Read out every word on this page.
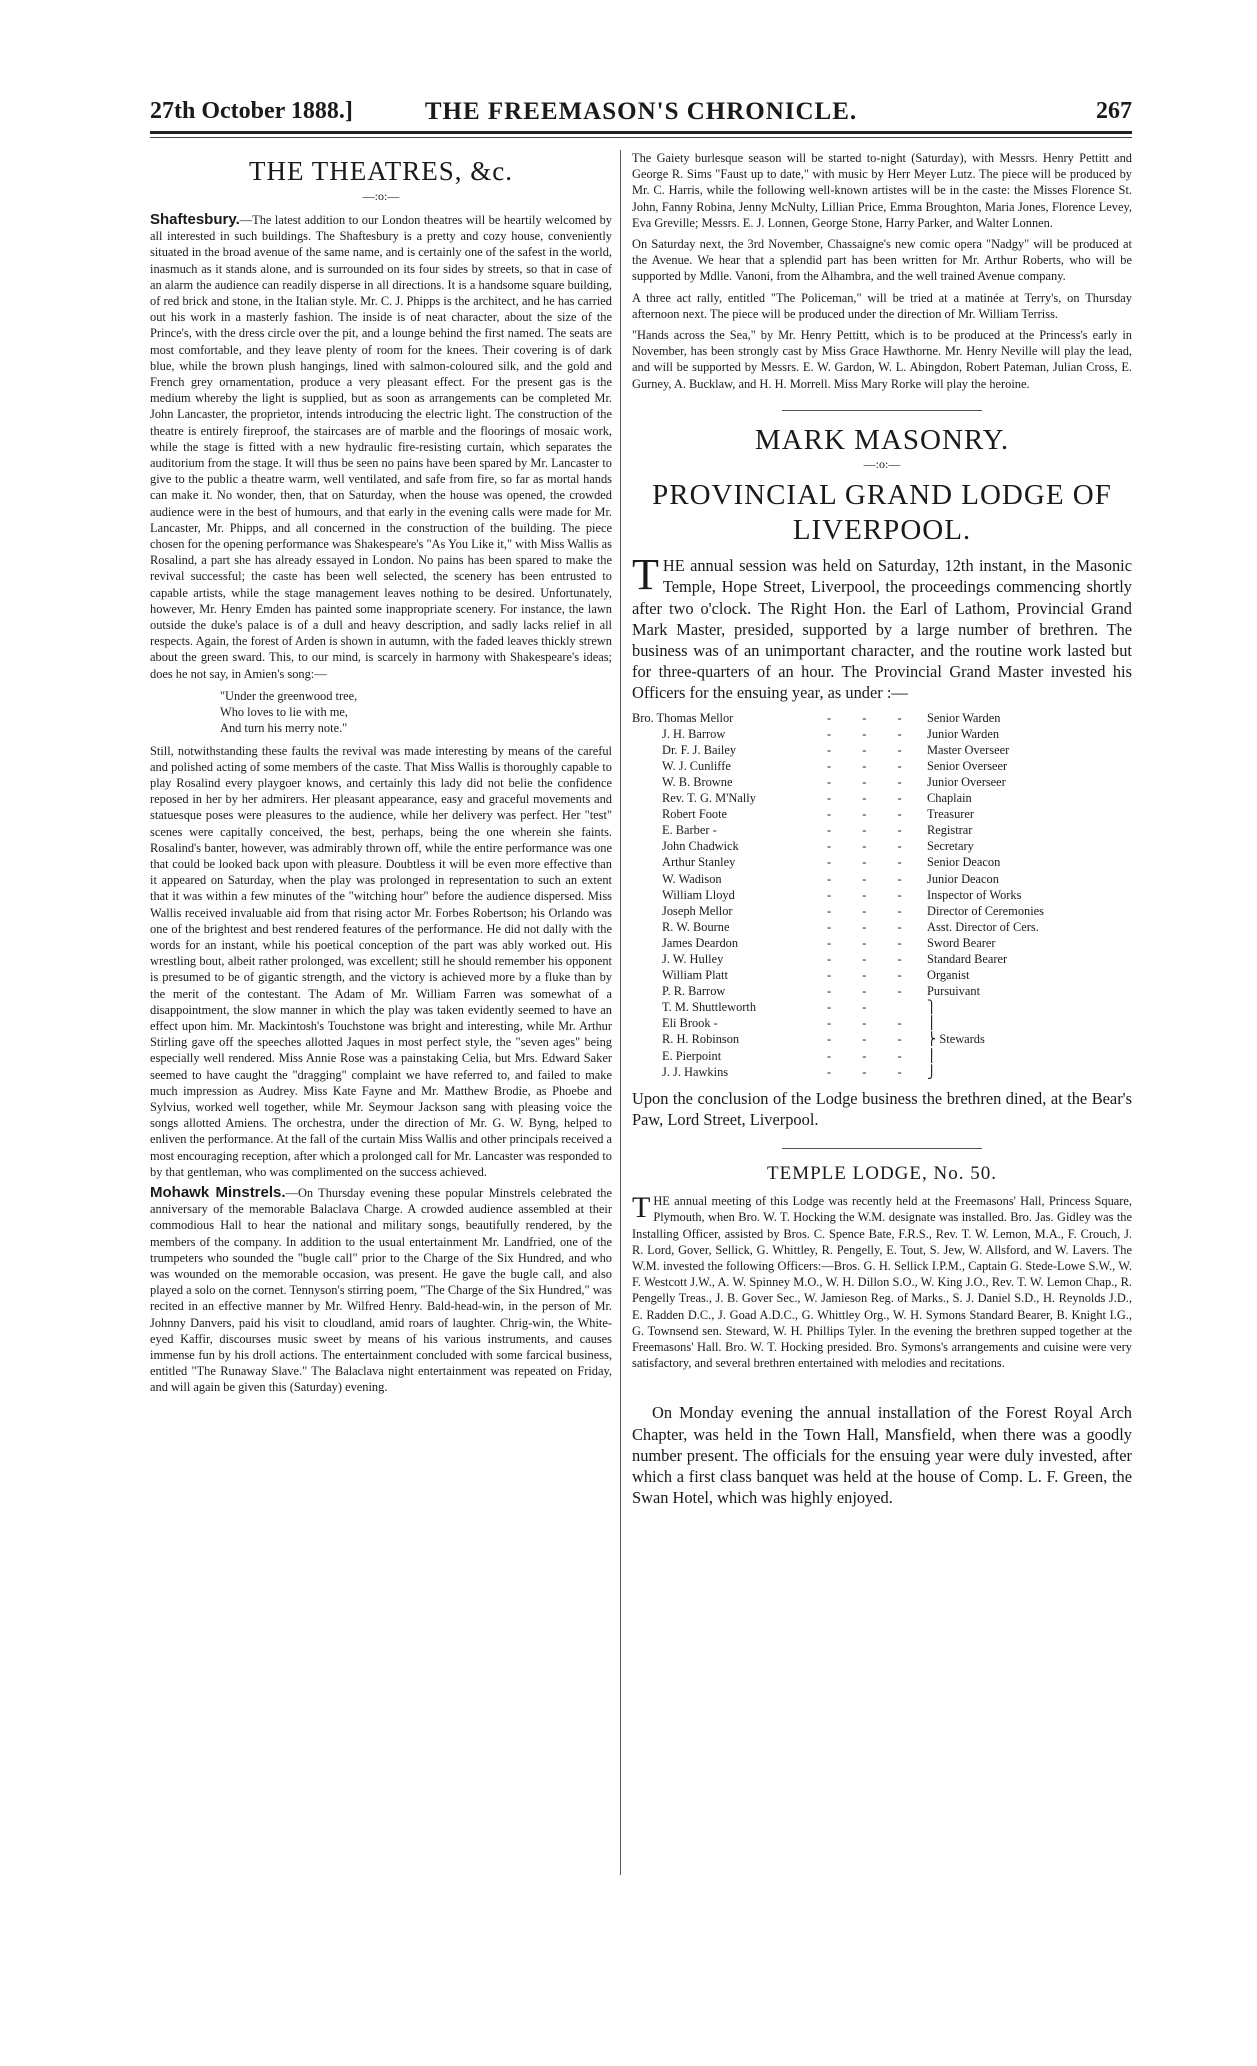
27th October 1888.]	THE FREEMASON'S CHRONICLE.	267
THE THEATRES, &c.
—:o:—

Shaftesbury.—The latest addition to our London theatres will be heartily welcomed by all interested in such buildings. The Shaftesbury is a pretty and cozy house, conveniently situated in the broad avenue of the same name, and is certainly one of the safest in the world, inasmuch as it stands alone, and is surrounded on its four sides by streets, so that in case of an alarm the audience can readily disperse in all directions. It is a handsome square building, of red brick and stone, in the Italian style. Mr. C. J. Phipps is the architect, and he has carried out his work in a masterly fashion. The inside is of neat character, about the size of the Prince's, with the dress circle over the pit, and a lounge behind the first named. The seats are most comfortable, and they leave plenty of room for the knees. Their covering is of dark blue, while the brown plush hangings, lined with salmon-coloured silk, and the gold and French grey ornamentation, produce a very pleasant effect. For the present gas is the medium whereby the light is supplied, but as soon as arrangements can be completed Mr. John Lancaster, the proprietor, intends introducing the electric light. The construction of the theatre is entirely fireproof, the staircases are of marble and the floorings of mosaic work, while the stage is fitted with a new hydraulic fire-resisting curtain, which separates the auditorium from the stage. It will thus be seen no pains have been spared by Mr. Lancaster to give to the public a theatre warm, well ventilated, and safe from fire, so far as mortal hands can make it. No wonder, then, that on Saturday, when the house was opened, the crowded audience were in the best of humours, and that early in the evening calls were made for Mr. Lancaster, Mr. Phipps, and all concerned in the construction of the building. The piece chosen for the opening performance was Shakespeare's "As You Like it," with Miss Wallis as Rosalind, a part she has already essayed in London. No pains has been spared to make the revival successful; the caste has been well selected, the scenery has been entrusted to capable artists, while the stage management leaves nothing to be desired. Unfortunately, however, Mr. Henry Emden has painted some inappropriate scenery. For instance, the lawn outside the duke's palace is of a dull and heavy description, and sadly lacks relief in all respects. Again, the forest of Arden is shown in autumn, with the faded leaves thickly strewn about the green sward. This, to our mind, is scarcely in harmony with Shakespeare's ideas; does he not say, in Amien's song:—

"Under the greenwood tree,
Who loves to lie with me,
And turn his merry note."

Still, notwithstanding these faults the revival was made interesting by means of the careful and polished acting of some members of the caste. That Miss Wallis is thoroughly capable to play Rosalind every playgoer knows, and certainly this lady did not belie the confidence reposed in her by her admirers. Her pleasant appearance, easy and graceful movements and statuesque poses were pleasures to the audience, while her delivery was perfect. Her "test" scenes were capitally conceived, the best, perhaps, being the one wherein she faints. Rosalind's banter, however, was admirably thrown off, while the entire performance was one that could be looked back upon with pleasure. Doubtless it will be even more effective than it appeared on Saturday, when the play was prolonged in representation to such an extent that it was within a few minutes of the "witching hour" before the audience dispersed. Miss Wallis received invaluable aid from that rising actor Mr. Forbes Robertson; his Orlando was one of the brightest and best rendered features of the performance. He did not dally with the words for an instant, while his poetical conception of the part was ably worked out. His wrestling bout, albeit rather prolonged, was excellent; still he should remember his opponent is presumed to be of gigantic strength, and the victory is achieved more by a fluke than by the merit of the contestant. The Adam of Mr. William Farren was somewhat of a disappointment, the slow manner in which the play was taken evidently seemed to have an effect upon him. Mr. Mackintosh's Touchstone was bright and interesting, while Mr. Arthur Stirling gave off the speeches allotted Jaques in most perfect style, the "seven ages" being especially well rendered. Miss Annie Rose was a painstaking Celia, but Mrs. Edward Saker seemed to have caught the "dragging" complaint we have referred to, and failed to make much impression as Audrey. Miss Kate Fayne and Mr. Matthew Brodie, as Phoebe and Sylvius, worked well together, while Mr. Seymour Jackson sang with pleasing voice the songs allotted Amiens. The orchestra, under the direction of Mr. G. W. Byng, helped to enliven the performance. At the fall of the curtain Miss Wallis and other principals received a most encouraging reception, after which a prolonged call for Mr. Lancaster was responded to by that gentleman, who was complimented on the success achieved.

Mohawk Minstrels.—On Thursday evening these popular Minstrels celebrated the anniversary of the memorable Balaclava Charge. A crowded audience assembled at their commodious Hall to hear the national and military songs, beautifully rendered, by the members of the company. In addition to the usual entertainment Mr. Landfried, one of the trumpeters who sounded the "bugle call" prior to the Charge of the Six Hundred, and who was wounded on the memorable occasion, was present. He gave the bugle call, and also played a solo on the cornet. Tennyson's stirring poem, "The Charge of the Six Hundred," was recited in an effective manner by Mr. Wilfred Henry. Bald-head-win, in the person of Mr. Johnny Danvers, paid his visit to cloudland, amid roars of laughter. Chrig-win, the White-eyed Kaffir, discourses music sweet by means of his various instruments, and causes immense fun by his droll actions. The entertainment concluded with some farcical business, entitled "The Runaway Slave." The Balaclava night entertainment was repeated on Friday, and will again be given this (Saturday) evening.

The Gaiety burlesque season will be started to-night (Saturday), with Messrs. Henry Pettitt and George R. Sims "Faust up to date," with music by Herr Meyer Lutz. The piece will be produced by Mr. C. Harris, while the following well-known artistes will be in the caste: the Misses Florence St. John, Fanny Robina, Jenny McNulty, Lillian Price, Emma Broughton, Maria Jones, Florence Levey, Eva Greville; Messrs. E. J. Lonnen, George Stone, Harry Parker, and Walter Lonnen.

On Saturday next, the 3rd November, Chassaigne's new comic opera "Nadgy" will be produced at the Avenue. We hear that a splendid part has been written for Mr. Arthur Roberts, who will be supported by Mdlle. Vanoni, from the Alhambra, and the well trained Avenue company.

A three act rally, entitled "The Policeman," will be tried at a matinée at Terry's, on Thursday afternoon next. The piece will be produced under the direction of Mr. William Terriss.

"Hands across the Sea," by Mr. Henry Pettitt, which is to be produced at the Princess's early in November, has been strongly cast by Miss Grace Hawthorne. Mr. Henry Neville will play the lead, and will be supported by Messrs. E. W. Gardon, W. L. Abingdon, Robert Pateman, Julian Cross, E. Gurney, A. Bucklaw, and H. H. Morrell. Miss Mary Rorke will play the heroine.

MARK MASONRY.
—:o:—
PROVINCIAL GRAND LODGE OF
LIVERPOOL.

THE annual session was held on Saturday, 12th instant, in the Masonic Temple, Hope Street, Liverpool, the proceedings commencing shortly after two o'clock. The Right Hon. the Earl of Lathom, Provincial Grand Mark Master, presided, supported by a large number of brethren. The business was of an unimportant character, and the routine work lasted but for three-quarters of an hour. The Provincial Grand Master invested his Officers for the ensuing year, as under :—

Bro. Thomas Mellor	- - - Senior Warden
J. H. Barrow	- - - Junior Warden
Dr. F. J. Bailey	- - - Master Overseer
W. J. Cunliffe	- - - Senior Overseer
W. B. Browne	- - - Junior Overseer
Rev. T. G. M'Nally	- - - Chaplain
Robert Foote	- - - Treasurer
E. Barber -	- - - Registrar
John Chadwick	- - - Secretary
Arthur Stanley	- - - Senior Deacon
W. Wadison	- - - Junior Deacon
William Lloyd	- - - Inspector of Works
Joseph Mellor	- - - Director of Ceremonies
R. W. Bourne	- - - Asst. Director of Cers.
James Deardon	- - - Sword Bearer
J. W. Hulley	- - - Standard Bearer
William Platt	- - - Organist
P. R. Barrow	- - - Pursuivant
T. M. Shuttleworth	- -	⎫
Eli Brook -	- - - ⎪
R. H. Robinson	- - - ⎬ Stewards
E. Pierpoint	- - - ⎪
J. J. Hawkins	- - - ⎭

Upon the conclusion of the Lodge business the brethren dined, at the Bear's Paw, Lord Street, Liverpool.

TEMPLE LODGE, No. 50.

THE annual meeting of this Lodge was recently held at the Freemasons' Hall, Princess Square, Plymouth, when Bro. W. T. Hocking the W.M. designate was installed. Bro. Jas. Gidley was the Installing Officer, assisted by Bros. C. Spence Bate, F.R.S., Rev. T. W. Lemon, M.A., F. Crouch, J. R. Lord, Gover, Sellick, G. Whittley, R. Pengelly, E. Tout, S. Jew, W. Allsford, and W. Lavers. The W.M. invested the following Officers:—Bros. G. H. Sellick I.P.M., Captain G. Stede-Lowe S.W., W. F. Westcott J.W., A. W. Spinney M.O., W. H. Dillon S.O., W. King J.O., Rev. T. W. Lemon Chap., R. Pengelly Treas., J. B. Gover Sec., W. Jamieson Reg. of Marks., S. J. Daniel S.D., H. Reynolds J.D., E. Radden D.C., J. Goad A.D.C., G. Whittley Org., W. H. Symons Standard Bearer, B. Knight I.G., G. Townsend sen. Steward, W. H. Phillips Tyler. In the evening the brethren supped together at the Freemasons' Hall. Bro. W. T. Hocking presided. Bro. Symons's arrangements and cuisine were very satisfactory, and several brethren entertained with melodies and recitations.

On Monday evening the annual installation of the Forest Royal Arch Chapter, was held in the Town Hall, Mansfield, when there was a goodly number present. The officials for the ensuing year were duly invested, after which a first class banquet was held at the house of Comp. L. F. Green, the Swan Hotel, which was highly enjoyed.
